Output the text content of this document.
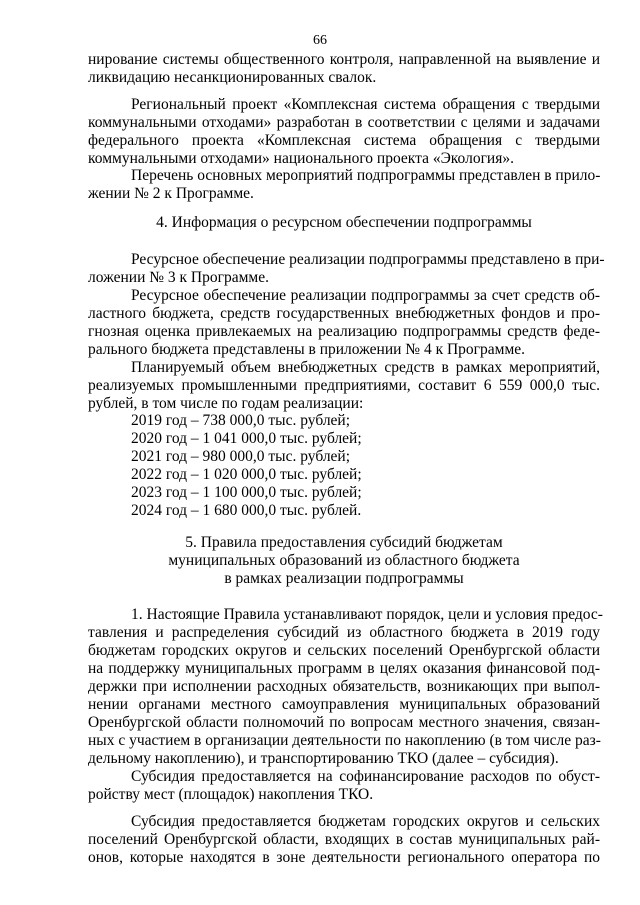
66
нирование системы общественного контроля, направленной на выявление и
ликвидацию несанкционированных свалок.
Региональный проект «Комплексная система обращения с твердыми
коммунальными отходами» разработан в соответствии с целями и задачами
федерального проекта «Комплексная система обращения с твердыми
коммунальными отходами» национального проекта «Экология».
Перечень основных мероприятий подпрограммы представлен в прило-
жении № 2 к Программе.
4. Информация о ресурсном обеспечении подпрограммы
Ресурсное обеспечение реализации подпрограммы представлено в при-
ложении № 3 к Программе.
Ресурсное обеспечение реализации подпрограммы за счет средств об-
ластного бюджета, средств государственных внебюджетных фондов и про-
гнозная оценка привлекаемых на реализацию подпрограммы средств феде-
рального бюджета представлены в приложении № 4 к Программе.
Планируемый объем внебюджетных средств в рамках мероприятий,
реализуемых промышленными предприятиями, составит 6 559 000,0 тыс.
рублей, в том числе по годам реализации:
2019 год – 738 000,0 тыс. рублей;
2020 год – 1 041 000,0 тыс. рублей;
2021 год – 980 000,0 тыс. рублей;
2022 год – 1 020 000,0 тыс. рублей;
2023 год – 1 100 000,0 тыс. рублей;
2024 год – 1 680 000,0 тыс. рублей.
5. Правила предоставления субсидий бюджетам
муниципальных образований из областного бюджета
в рамках реализации подпрограммы
1. Настоящие Правила устанавливают порядок, цели и условия предос-
тавления и распределения субсидий из областного бюджета в 2019 году
бюджетам городских округов и сельских поселений Оренбургской области
на поддержку муниципальных программ в целях оказания финансовой под-
держки при исполнении расходных обязательств, возникающих при выпол-
нении органами местного самоуправления муниципальных образований
Оренбургской области полномочий по вопросам местного значения, связан-
ных с участием в организации деятельности по накоплению (в том числе раз-
дельному накоплению), и транспортированию ТКО (далее – субсидия).
Субсидия предоставляется на софинансирование расходов по обуст-
ройству мест (площадок) накопления ТКО.
Субсидия предоставляется бюджетам городских округов и сельских
поселений Оренбургской области, входящих в состав муниципальных рай-
онов, которые находятся в зоне деятельности регионального оператора по
